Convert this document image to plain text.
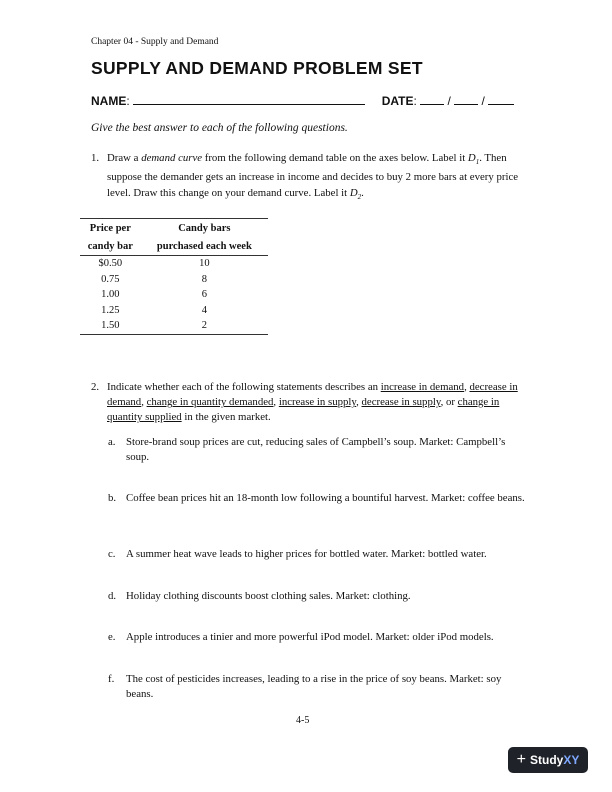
Chapter 04 - Supply and Demand
SUPPLY AND DEMAND PROBLEM SET
NAME:	DATE:  /	/
Give the best answer to each of the following questions.
1. Draw a demand curve from the following demand table on the axes below. Label it $D_1$. Then suppose the demander gets an increase in income and decides to buy 2 more bars at every price level. Draw this change on your demand curve. Label it $D_2$.
Price per	Candy bars
candy bar	purchased each week
$0.50	10
0.75	8
1.00	6
1.25	4
1.50	2
2. Indicate whether each of the following statements describes an increase in demand, decrease in demand, change in quantity demanded, increase in supply, decrease in supply, or change in quantity supplied in the given market.
a. Store-brand soup prices are cut, reducing sales of Campbell’s soup. Market: Campbell’s soup.
b. Coffee bean prices hit an 18-month low following a bountiful harvest. Market: coffee beans.
c. A summer heat wave leads to higher prices for bottled water. Market: bottled water.
d. Holiday clothing discounts boost clothing sales. Market: clothing.
e. Apple introduces a tinier and more powerful iPod model. Market: older iPod models.
f. The cost of pesticides increases, leading to a rise in the price of soy beans. Market: soy beans.
4-5
+ Study XY
